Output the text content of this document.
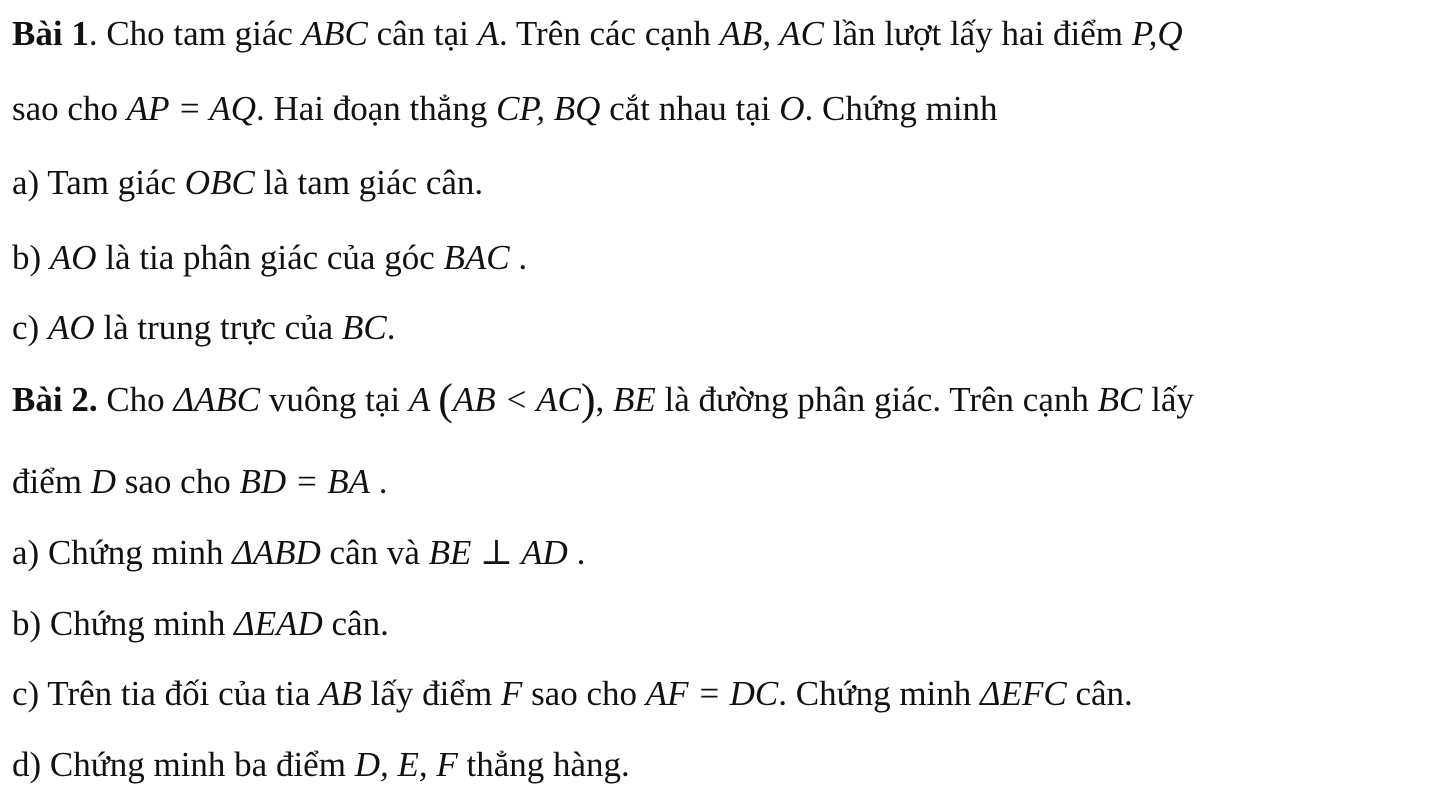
Bài 1. Cho tam giác ABC cân tại A. Trên các cạnh AB, AC lần lượt lấy hai điểm P,Q
sao cho AP = AQ. Hai đoạn thẳng CP, BQ cắt nhau tại O. Chứng minh
a) Tam giác OBC là tam giác cân.
b) AO là tia phân giác của góc BAC .
c) AO là trung trực của BC.
Bài 2. Cho ΔABC vuông tại A (AB < AC), BE là đường phân giác. Trên cạnh BC lấy
điểm D sao cho BD = BA .
a) Chứng minh ΔABD cân và BE ⊥ AD .
b) Chứng minh ΔEAD cân.
c) Trên tia đối của tia AB lấy điểm F sao cho AF = DC. Chứng minh ΔEFC cân.
d) Chứng minh ba điểm D, E, F thẳng hàng.
